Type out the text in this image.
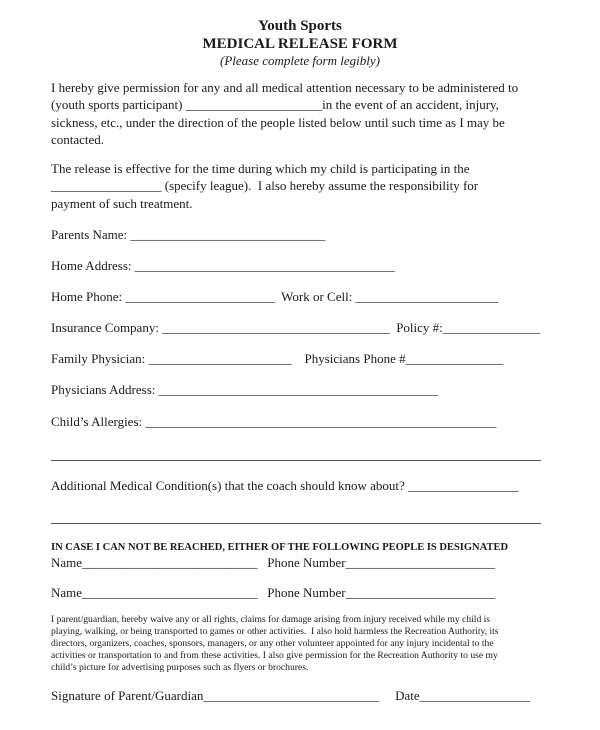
Youth Sports
MEDICAL RELEASE FORM
(Please complete form legibly)
I hereby give permission for any and all medical attention necessary to be administered to
(youth sports participant) _____________________in the event of an accident, injury,
sickness, etc., under the direction of the people listed below until such time as I may be
contacted.
The release is effective for the time during which my child is participating in the
_________________ (specify league).  I also hereby assume the responsibility for
payment of such treatment.
Parents Name: ______________________________
Home Address: ________________________________________
Home Phone: _______________________  Work or Cell: ______________________
Insurance Company: ___________________________________  Policy #:_______________
Family Physician: ______________________    Physicians Phone #_______________
Physicians Address: ___________________________________________
Child’s Allergies: ______________________________________________________
Additional Medical Condition(s) that the coach should know about? _________________
IN CASE I CAN NOT BE REACHED, EITHER OF THE FOLLOWING PEOPLE IS DESIGNATED
Name___________________________   Phone Number_______________________
Name___________________________   Phone Number_______________________
I parent/guardian, hereby waive any or all rights, claims for damage arising from injury received while my child is
playing, walking, or being transported to games or other activities.  I also hold harmless the Recreation Authority, its
directors, organizers, coaches, sponsors, managers, or any other volunteer appointed for any injury incidental to the
activities or transportation to and from these activities. I also give permission for the Recreation Authority to use my
child’s picture for advertising purposes such as flyers or brochures.
Signature of Parent/Guardian___________________________     Date_________________
